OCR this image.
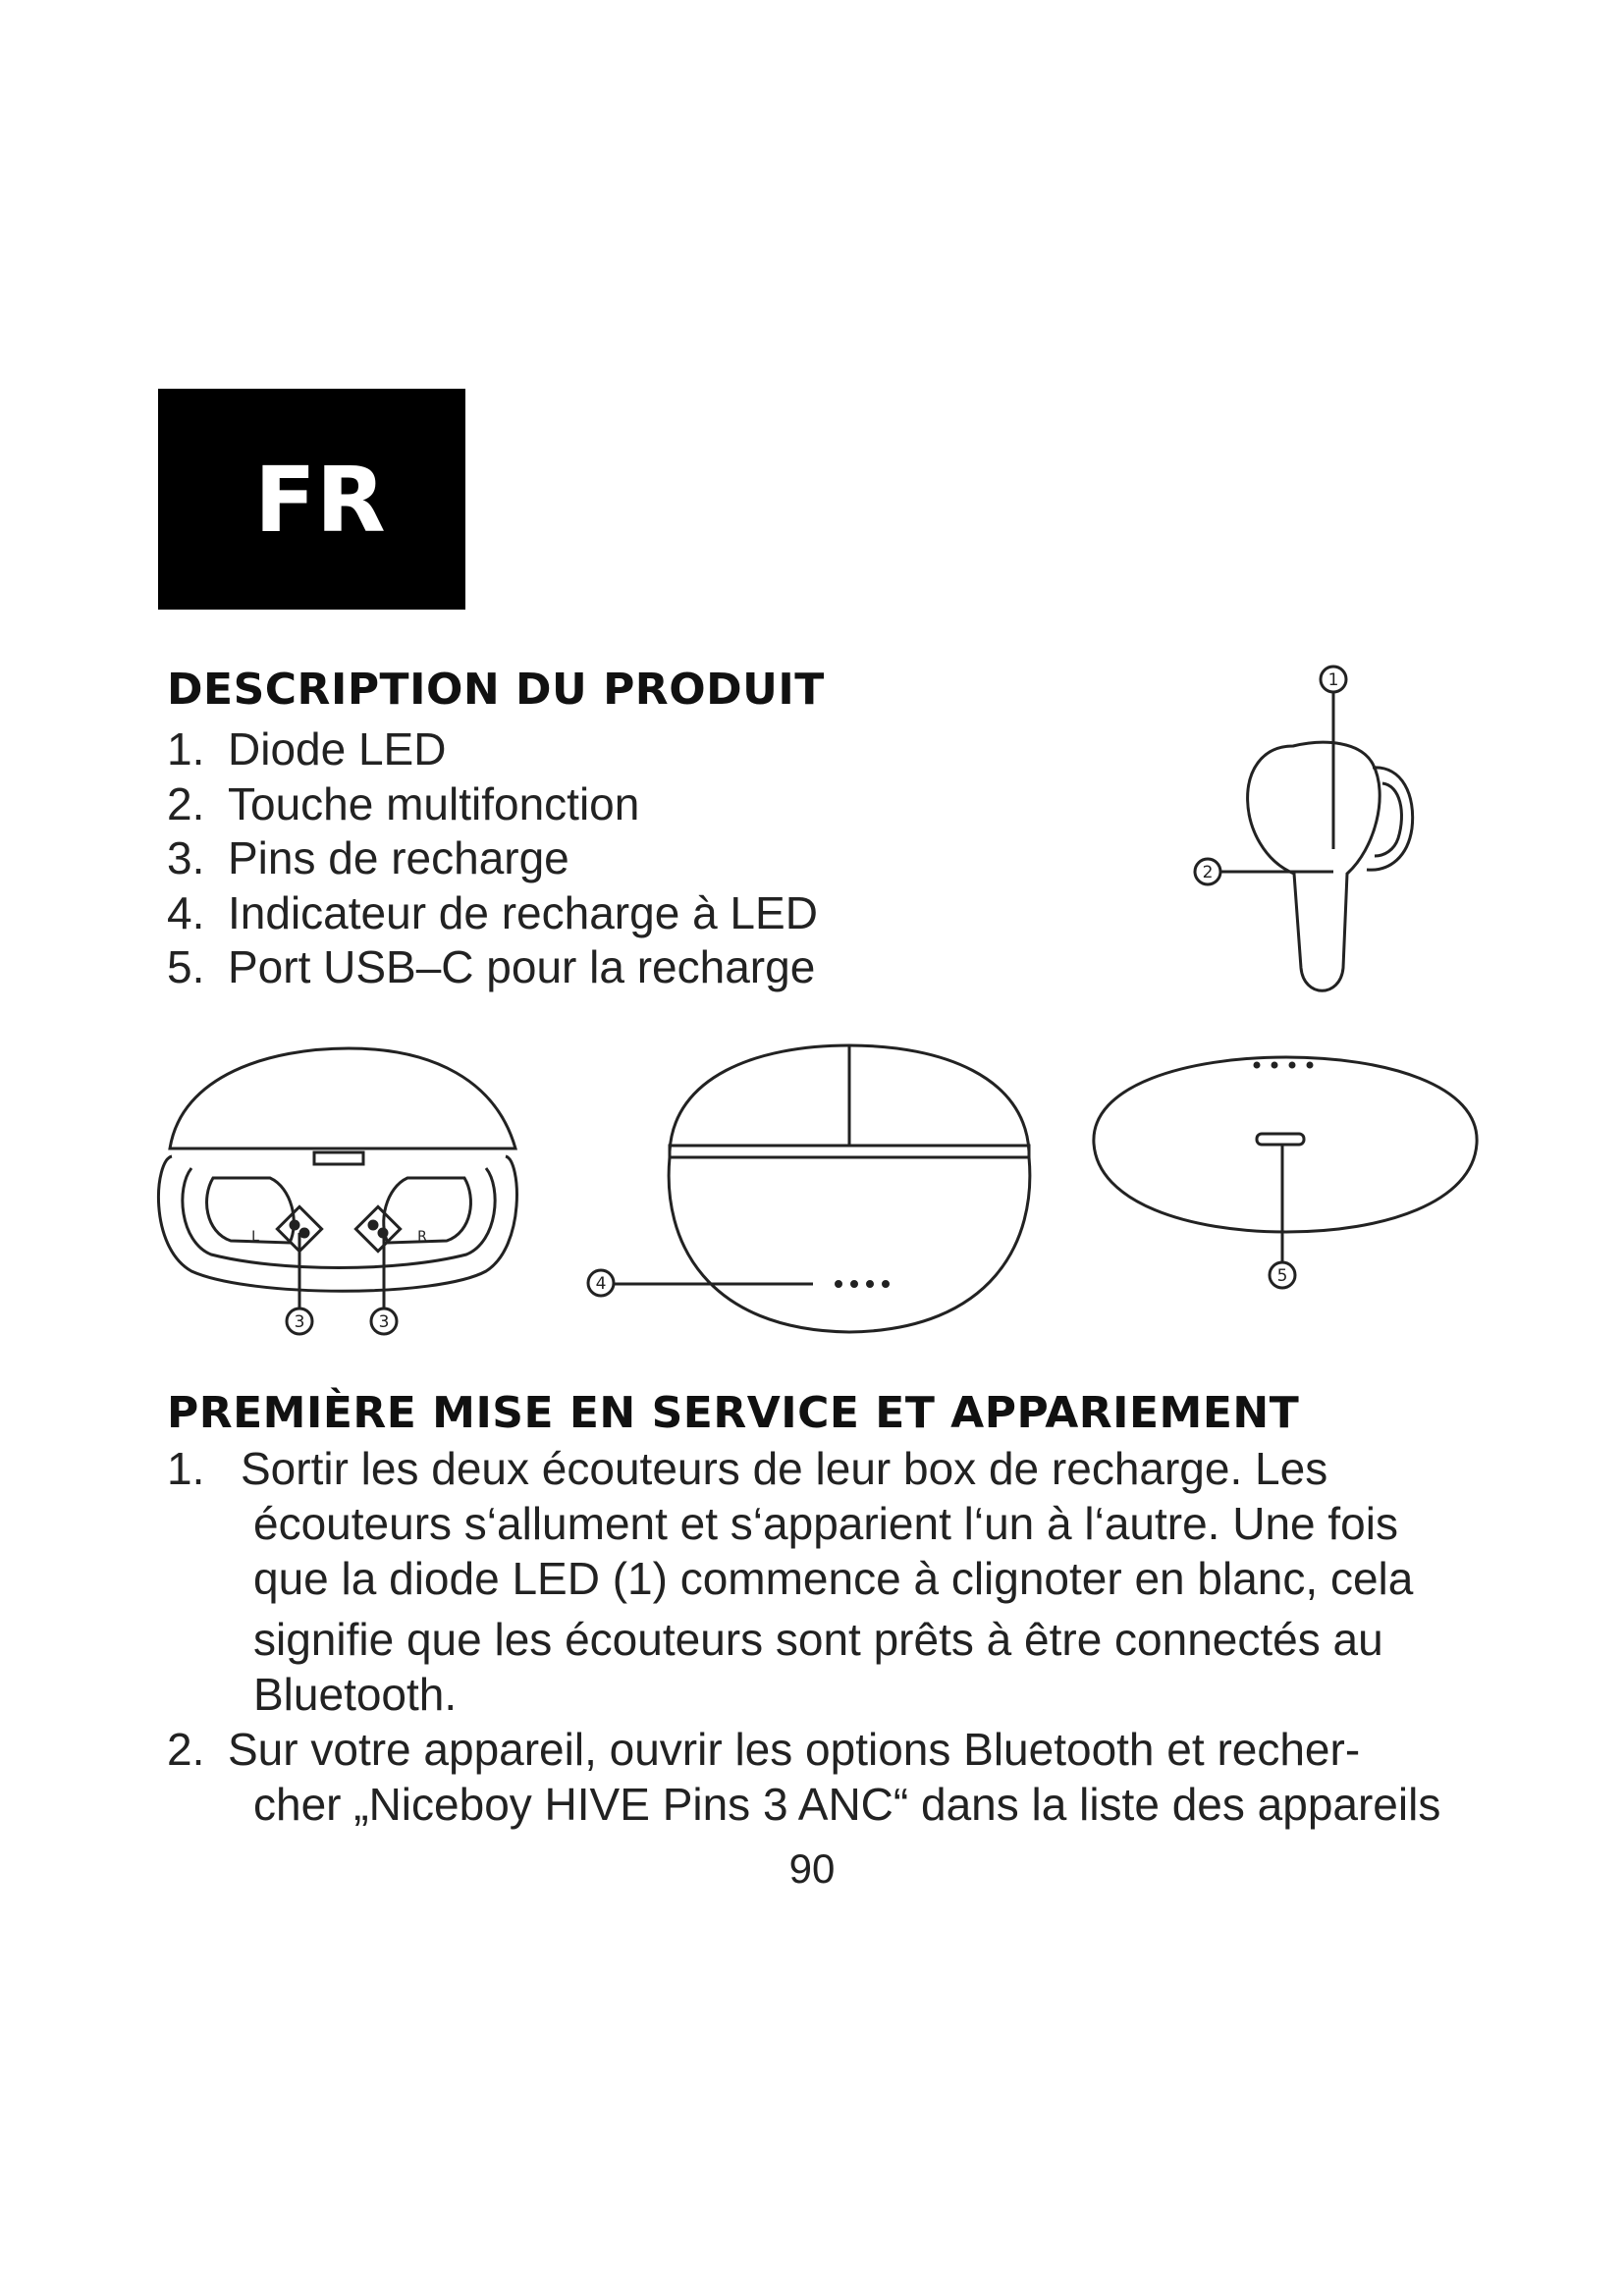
FR
DESCRIPTION DU PRODUIT
1. Diode LED
2. Touche multifonction
3. Pins de recharge
4. Indicateur de recharge à LED
5. Port USB–C pour la recharge
1
2
L	R
3	3
4	5
PREMIÈRE MISE EN SERVICE ET APPARIEMENT
1. Sortir les deux écouteurs de leur box de recharge. Les
écouteurs s‘allument et s‘apparient l‘un à l‘autre. Une fois
que la diode LED (1) commence à clignoter en blanc, cela
signifie que les écouteurs sont prêts à être connectés au
Bluetooth.
2. Sur votre appareil, ouvrir les options Bluetooth et recher-
cher „Niceboy HIVE Pins 3 ANC“ dans la liste des appareils
90
